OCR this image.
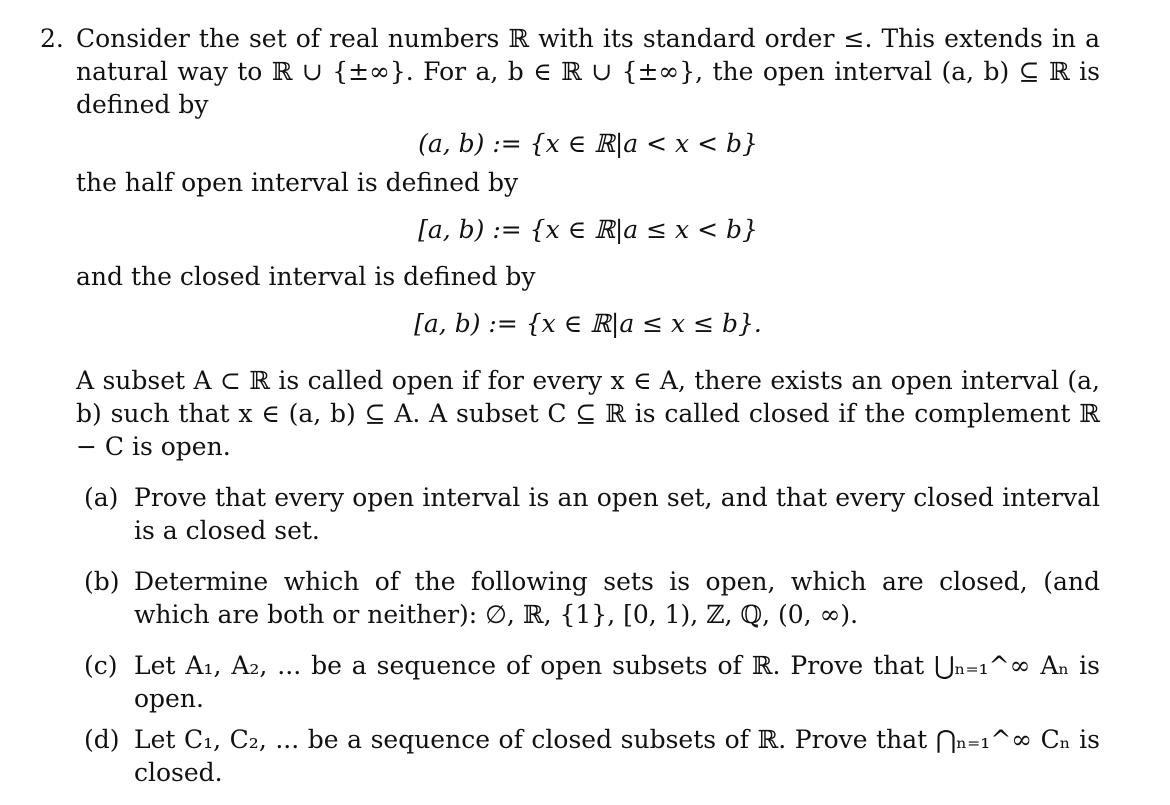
2. Consider the set of real numbers ℝ with its standard order ≤. This extends in a natural way to ℝ ∪ {±∞}. For a, b ∈ ℝ ∪ {±∞}, the open interval (a, b) ⊆ ℝ is defined by
(a, b) := {x ∈ ℝ|a < x < b}
the half open interval is defined by
[a, b) := {x ∈ ℝ|a ≤ x < b}
and the closed interval is defined by
[a, b) := {x ∈ ℝ|a ≤ x ≤ b}.
A subset A ⊂ ℝ is called open if for every x ∈ A, there exists an open interval (a, b) such that x ∈ (a, b) ⊆ A. A subset C ⊆ ℝ is called closed if the complement ℝ − C is open.
(a) Prove that every open interval is an open set, and that every closed interval is a closed set.
(b) Determine which of the following sets is open, which are closed, (and which are both or neither): ∅, ℝ, {1}, [0, 1), ℤ, ℚ, (0, ∞).
(c) Let A₁, A₂, ... be a sequence of open subsets of ℝ. Prove that ⋃ₙ₌₁^∞ Aₙ is open.
(d) Let C₁, C₂, ... be a sequence of closed subsets of ℝ. Prove that ⋂ₙ₌₁^∞ Cₙ is closed.
